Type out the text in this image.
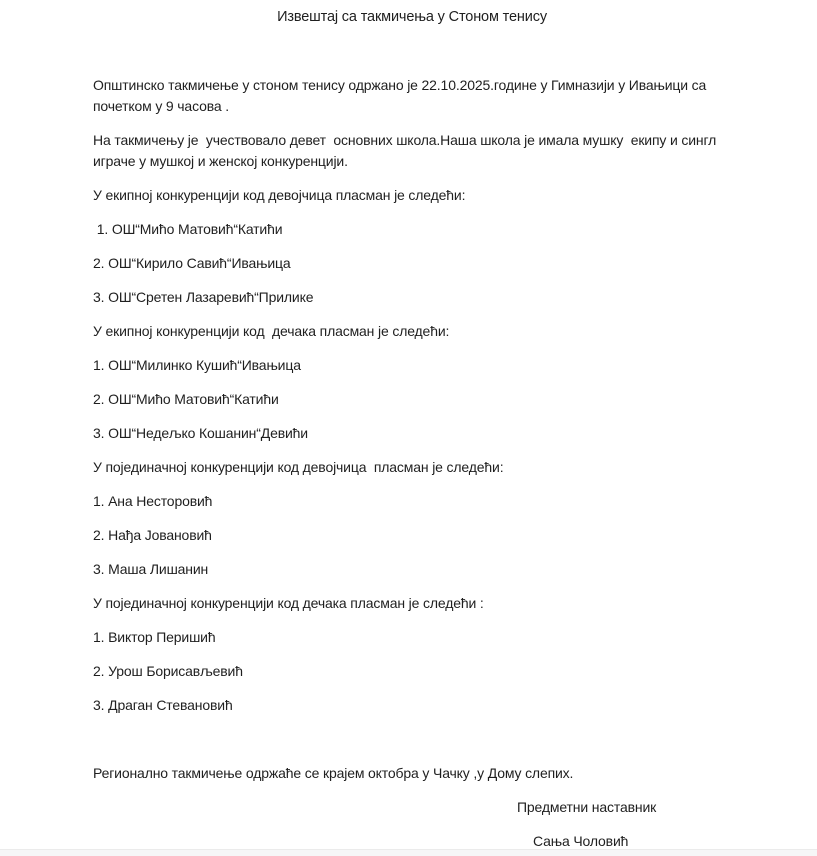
Извештај са такмичења у Стоном тенису

Општинско такмичење у стоном тенису одржано је 22.10.2025.године у Гимназији у Ивањици са почетком у 9 часова .

На такмичењу је  учествовало девет  основних школа.Наша школа је имала мушку  екипу и сингл играче у мушкој и женској конкуренцији.

У екипној конкуренцији код девојчица пласман је следећи:

1. ОШ“Мићо Матовић“Катићи

2. ОШ“Кирило Савић“Ивањица

3. ОШ“Сретен Лазаревић“Прилике

У екипној конкуренцији код  дечака пласман је следећи:

1. ОШ“Милинко Кушић“Ивањица

2. ОШ“Мићо Матовић“Катићи

3. ОШ“Недељко Кошанин“Девићи

У појединачној конкуренцији код девојчица  пласман је следећи:

1. Ана Несторовић

2. Нађа Јовановић

3. Маша Лишанин

У појединачној конкуренцији код дечака пласман је следећи :

1. Виктор Перишић

2. Урош Борисављевић

3. Драган Стевановић

Регионално такмичење одржаће се крајем октобра у Чачку ,у Дому слепих.

Предметни наставник

Сања Чоловић
